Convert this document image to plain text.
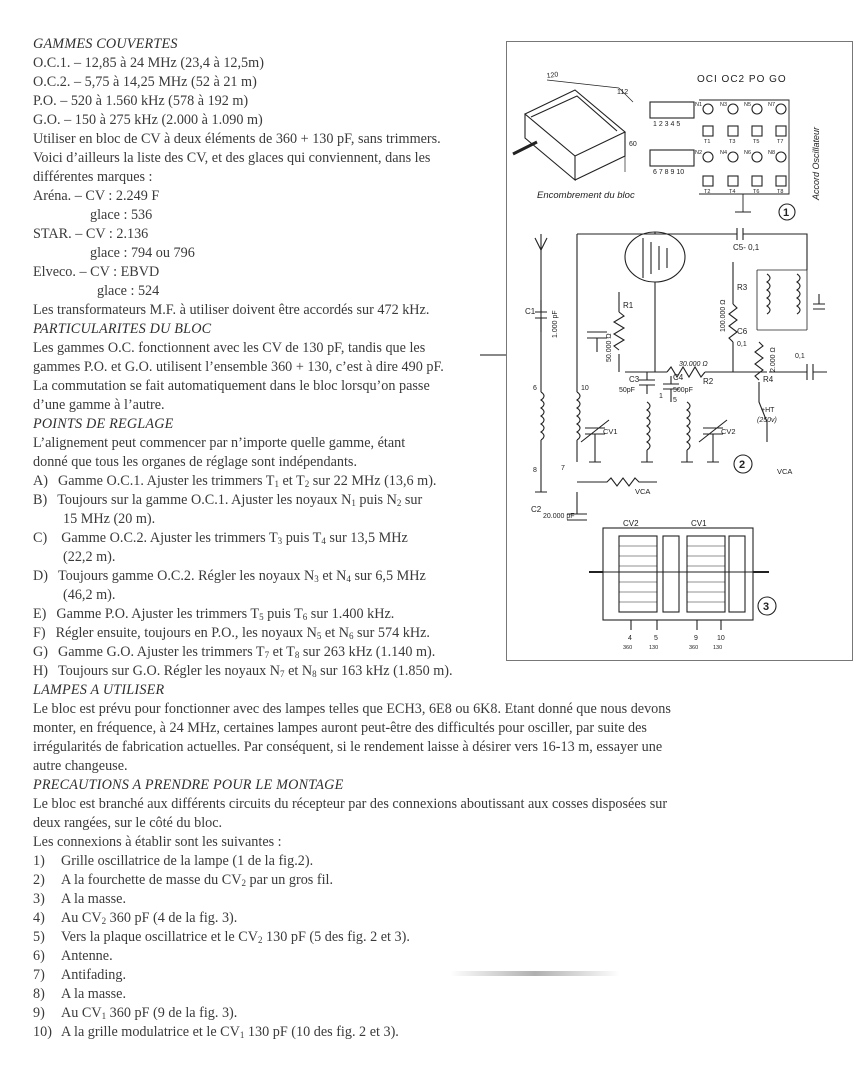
GAMMES COUVERTES
O.C.1. – 12,85 à 24 MHz (23,4 à 12,5m)
O.C.2. – 5,75 à 14,25 MHz (52 à 21 m)
P.O. – 520 à 1.560 kHz (578 à 192 m)
G.O. – 150 à 275 kHz (2.000 à 1.090 m)
Utiliser en bloc de CV à deux éléments de 360 + 130 pF, sans trimmers.
Voici d’ailleurs la liste des CV, et des glaces qui conviennent, dans les
différentes marques :
Aréna. – CV : 2.249 F
glace : 536
STAR. – CV : 2.136
glace : 794 ou 796
Elveco. – CV : EBVD
glace : 524
Les transformateurs M.F. à utiliser doivent être accordés sur 472 kHz.
PARTICULARITES DU BLOC
Les gammes O.C. fonctionnent avec les CV de 130 pF, tandis que les
gammes P.O. et G.O. utilisent l’ensemble 360 + 130, c’est à dire 490 pF.
La commutation se fait automatiquement dans le bloc lorsqu’on passe
d’une gamme à l’autre.
POINTS DE REGLAGE
L’alignement peut commencer par n’importe quelle gamme, étant
donné que tous les organes de réglage sont indépendants.
A) Gamme O.C.1. Ajuster les trimmers $T_1$ et $T_2$ sur 22 MHz (13,6 m).
B) Toujours sur la gamme O.C.1. Ajuster les noyaux $N_1$ puis $N_2$ sur
15 MHz (20 m).
C) Gamme O.C.2. Ajuster les trimmers $T_3$ puis $T_4$ sur 13,5 MHz
(22,2 m).
D) Toujours gamme O.C.2. Régler les noyaux $N_3$ et $N_4$ sur 6,5 MHz
(46,2 m).
E) Gamme P.O. Ajuster les trimmers $T_5$ puis $T_6$ sur 1.400 kHz.
F) Régler ensuite, toujours en P.O., les noyaux $N_5$ et $N_6$ sur 574 kHz.
G) Gamme G.O. Ajuster les trimmers $T_7$ et $T_8$ sur 263 kHz (1.140 m).
H) Toujours sur G.O. Régler les noyaux $N_7$ et $N_8$ sur 163 kHz (1.850 m).
LAMPES A UTILISER
Le bloc est prévu pour fonctionner avec des lampes telles que ECH3, 6E8 ou 6K8. Etant donné que nous devons
monter, en fréquence, à 24 MHz, certaines lampes auront peut-être des difficultés pour osciller, par suite des
irrégularités de fabrication actuelles. Par conséquent, si le rendement laisse à désirer vers 16-13 m, essayer une
autre changeuse.
PRECAUTIONS A PRENDRE POUR LE MONTAGE
Le bloc est branché aux différents circuits du récepteur par des connexions aboutissant aux cosses disposées sur
deux rangées, sur le côté du bloc.
Les connexions à établir sont les suivantes :
1) Grille oscillatrice de la lampe (1 de la fig.2).
2) A la fourchette de masse du $CV_2$ par un gros fil.
3) A la masse.
4) Au $CV_2$ 360 pF (4 de la fig. 3).
5) Vers la plaque oscillatrice et le $CV_2$ 130 pF (5 des fig. 2 et 3).
6) Antenne.
7) Antifading.
8) A la masse.
9) Au $CV_1$ 360 pF (9 de la fig. 3).
10) A la grille modulatrice et le $CV_1$ 130 pF (10 des fig. 2 et 3).
OCI OC2 PO GO
120
112
60
1 2 3 4 5
6 7 8 9 10
Encombrement du bloc	Accord Oscillateur
1
2
3
N1	N3	N5	N7
N2	N4	N6	N8
T1	T3	T5	T7
T2	T4	T6	T8
C1 1.000 pF
C2
20.000 pF
C3
50pF
C4
500pF
C5- 0,1
C6
0,1
R1
50.000 Ω
R2
30.000 Ω
R3
100.000 Ω
R4
2.000 Ω	0,1
+HT
(250v)
VCA
VCA
CV1	CV2
CV2	CV1
6	10
8	7
1
5
4	5	9	10
360	130	360	130
